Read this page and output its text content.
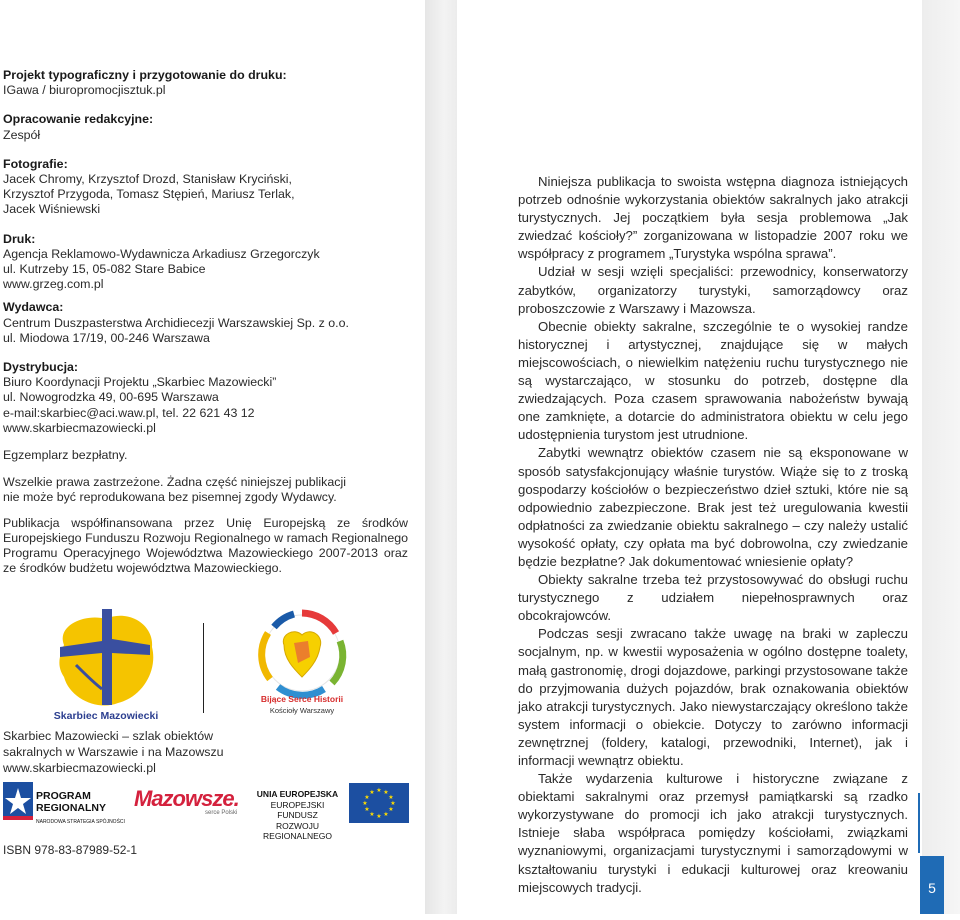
Projekt typograficzny i przygotowanie do druku:
IGawa / biuropromocjisztuk.pl
Opracowanie redakcyjne:
Zespół
Fotografie:
Jacek Chromy, Krzysztof Drozd, Stanisław Kryciński,
Krzysztof Przygoda, Tomasz Stępień, Mariusz Terlak,
Jacek Wiśniewski
Druk:
Agencja Reklamowo-Wydawnicza Arkadiusz Grzegorczyk
ul. Kutrzeby 15, 05-082 Stare Babice
www.grzeg.com.pl
Wydawca:
Centrum Duszpasterstwa Archidiecezji Warszawskiej Sp. z o.o.
ul. Miodowa 17/19, 00-246 Warszawa
Dystrybucja:
Biuro Koordynacji Projektu „Skarbiec Mazowiecki”
ul. Nowogrodzka 49, 00-695 Warszawa
e-mail:skarbiec@aci.waw.pl, tel. 22 621 43 12
www.skarbiecmazowiecki.pl
Egzemplarz bezpłatny.
Wszelkie prawa zastrzeżone. Żadna część niniejszej publikacji
nie może być reprodukowana bez pisemnej zgody Wydawcy.
Publikacja współfinansowana przez Unię Europejską ze środków Europejskiego Funduszu Rozwoju Regionalnego w ramach Regionalnego Programu Operacyjnego Województwa Mazowieckiego 2007-2013 oraz ze środków budżetu województwa Mazowieckiego.
Skarbiec Mazowiecki
Bijące Serce Historii
Kościoły Warszawy
Skarbiec Mazowiecki – szlak obiektów
sakralnych w Warszawie i na Mazowszu
www.skarbiecmazowiecki.pl
PROGRAM
REGIONALNY
NARODOWA STRATEGIA SPÓJNOŚCI
Mazowsze.
serce Polski
UNIA EUROPEJSKA
EUROPEJSKI FUNDUSZ
ROZWOJU REGIONALNEGO
★ ★
★
★
★
★
★
★
★
★
★
★
ISBN 978-83-87989-52-1

Niniejsza publikacja to swoista wstępna diagnoza istniejących potrzeb odnośnie wykorzystania obiektów sakralnych jako atrakcji turystycznych. Jej początkiem była sesja problemowa „Jak zwiedzać kościoły?” zorganizowana w listopadzie 2007 roku we współpracy z programem „Turystyka wspólna sprawa”.

Udział w sesji wzięli specjaliści: przewodnicy, konserwatorzy zabytków, organizatorzy turystyki, samorządowcy oraz proboszczowie z Warszawy i Mazowsza.

Obecnie obiekty sakralne, szczególnie te o wysokiej randze historycznej i artystycznej, znajdujące się w małych miejscowościach, o niewielkim natężeniu ruchu turystycznego nie są wystarczająco, w stosunku do potrzeb, dostępne dla zwiedzających. Poza czasem sprawowania nabożeństw bywają one zamknięte, a dotarcie do administratora obiektu w celu jego udostępnienia turystom jest utrudnione.

Zabytki wewnątrz obiektów czasem nie są eksponowane w sposób satysfakcjonujący właśnie turystów. Wiąże się to z troską gospodarzy kościołów o bezpieczeństwo dzieł sztuki, które nie są odpowiednio zabezpieczone. Brak jest też uregulowania kwestii odpłatności za zwiedzanie obiektu sakralnego – czy należy ustalić wysokość opłaty, czy opłata ma być dobrowolna, czy zwiedzanie będzie bezpłatne? Jak dokumentować wniesienie opłaty?

Obiekty sakralne trzeba też przystosowywać do obsługi ruchu turystycznego z udziałem niepełnosprawnych oraz obcokrajowców.

Podczas sesji zwracano także uwagę na braki w zapleczu socjalnym, np. w kwestii wyposażenia w ogólno dostępne toalety, małą gastronomię, drogi dojazdowe, parkingi przystosowane także do przyjmowania dużych pojazdów, brak oznakowania obiektów jako atrakcji turystycznych. Jako niewystarczający określono także system informacji o obiekcie. Dotyczy to zarówno informacji zewnętrznej (foldery, katalogi, przewodniki, Internet), jak i informacji wewnątrz obiektu.

Także wydarzenia kulturowe i historyczne związane z obiektami sakralnymi oraz przemysł pamiątkarski są rzadko wykorzystywane do promocji ich jako atrakcji turystycznych. Istnieje słaba współpraca pomiędzy kościołami, związkami wyznaniowymi, organizacjami turystycznymi i samorządowymi w kształtowaniu turystyki i edukacji kulturowej oraz kreowaniu miejscowych tradycji.	5
